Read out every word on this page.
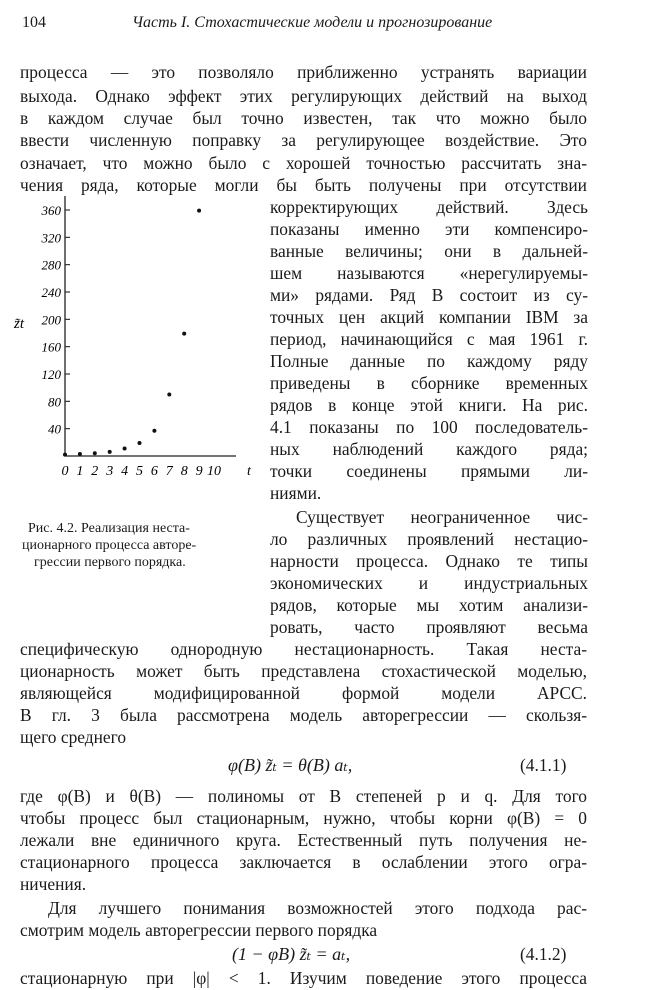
104	Часть I. Стохастические модели и прогнозирование
процесса — это позволяло приближенно устранять вариации
выхода. Однако эффект этих регулирующих действий на выход
в каждом случае был точно известен, так что можно было
ввести численную поправку за регулирующее воздействие. Это
означает, что можно было с хорошей точностью рассчитать зна-
чения ряда, которые могли бы быть получены при отсутствии
корректирующих действий. Здесь
показаны именно эти компенсиро-
ванные величины; они в дальней-
шем называются «нерегулируемы-
ми» рядами. Ряд В состоит из су-
точных цен акций компании IBM за
период, начинающийся с мая 1961 г.
Полные данные по каждому ряду
приведены в сборнике временных
рядов в конце этой книги. На рис.
4.1 показаны по 100 последователь-
ных наблюдений каждого ряда;
точки соединены прямыми ли-
ниями.
Существует неограниченное чис-
ло различных проявлений нестацио-
нарности процесса. Однако те типы
экономических и индустриальных
рядов, которые мы хотим анализи-
ровать, часто проявляют весьма
Рис. 4.2. Реализация неста-
ционарного процесса авторе-
грессии первого порядка.
специфическую однородную нестационарность. Такая неста-
ционарность может быть представлена стохастической моделью,
являющейся модифицированной формой модели АРСС.
В гл. 3 была рассмотрена модель авторегрессии — скользя-
щего среднего
φ(B) z̃ₜ = θ(B) aₜ,	(4.1.1)
где φ(B) и θ(B) — полиномы от B степеней p и q. Для того
чтобы процесс был стационарным, нужно, чтобы корни φ(B) = 0
лежали вне единичного круга. Естественный путь получения не-
стационарного процесса заключается в ослаблении этого огра-
ничения.
Для лучшего понимания возможностей этого подхода рас-
смотрим модель авторегрессии первого порядка
(1 − φB) z̃ₜ = aₜ,	(4.1.2)
стационарную при |φ| < 1. Изучим поведение этого процесса
40
80
120
160
200
240
280
320
360
0 1 2 3 4 5 6 7 8 9 10 t
z̃t
